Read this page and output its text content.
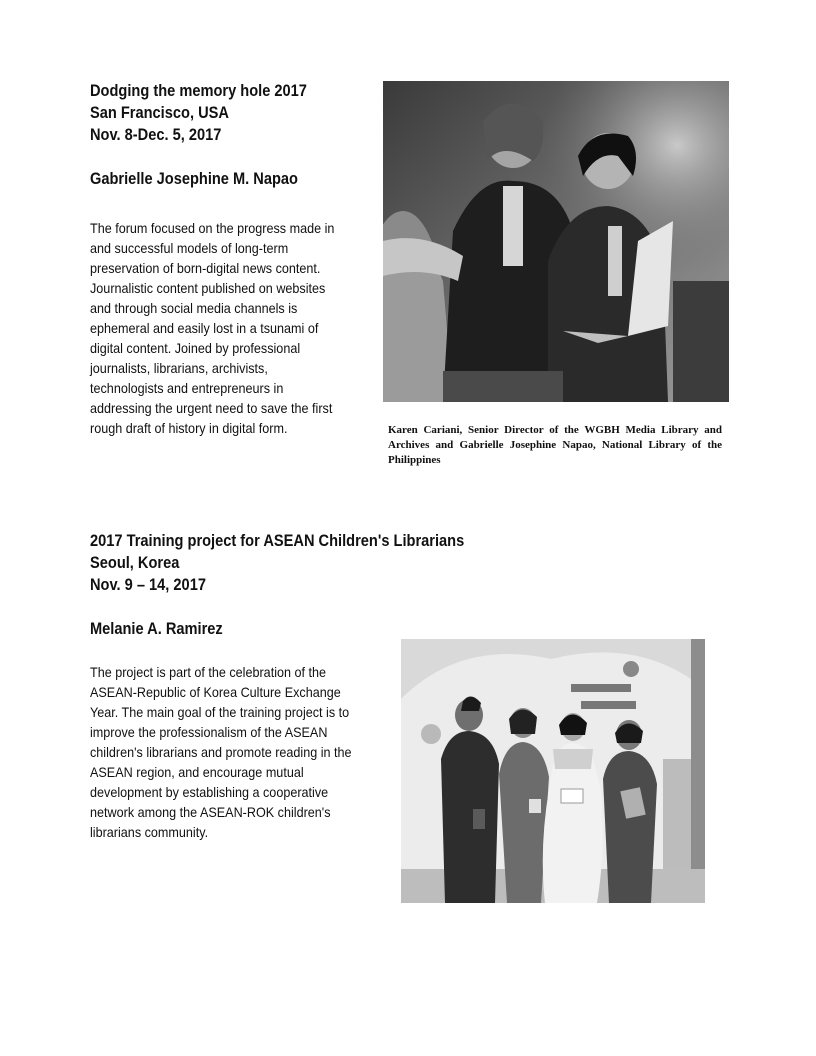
Dodging the memory hole 2017
San Francisco, USA
Nov. 8-Dec. 5, 2017
Gabrielle Josephine M. Napao
The forum focused on the progress made in
and successful models of long-term
preservation of born-digital news content.
Journalistic content published on websites
and through social media channels is
ephemeral and easily lost in a tsunami of
digital content. Joined by professional
journalists, librarians, archivists,
technologists and entrepreneurs in
addressing the urgent need to save the first
rough draft of history in digital form.	Karen Cariani, Senior Director of the WGBH Media Library and Archives and Gabrielle Josephine Napao, National Library of the Philippines
2017 Training project for ASEAN Children's Librarians
Seoul, Korea
Nov. 9 – 14, 2017
Melanie A. Ramirez
The project is part of the celebration of the
ASEAN-Republic of Korea Culture Exchange
Year. The main goal of the training project is to
improve the professionalism of the ASEAN
children's librarians and promote reading in the
ASEAN region, and encourage mutual
development by establishing a cooperative
network among the ASEAN-ROK children's
librarians community.
